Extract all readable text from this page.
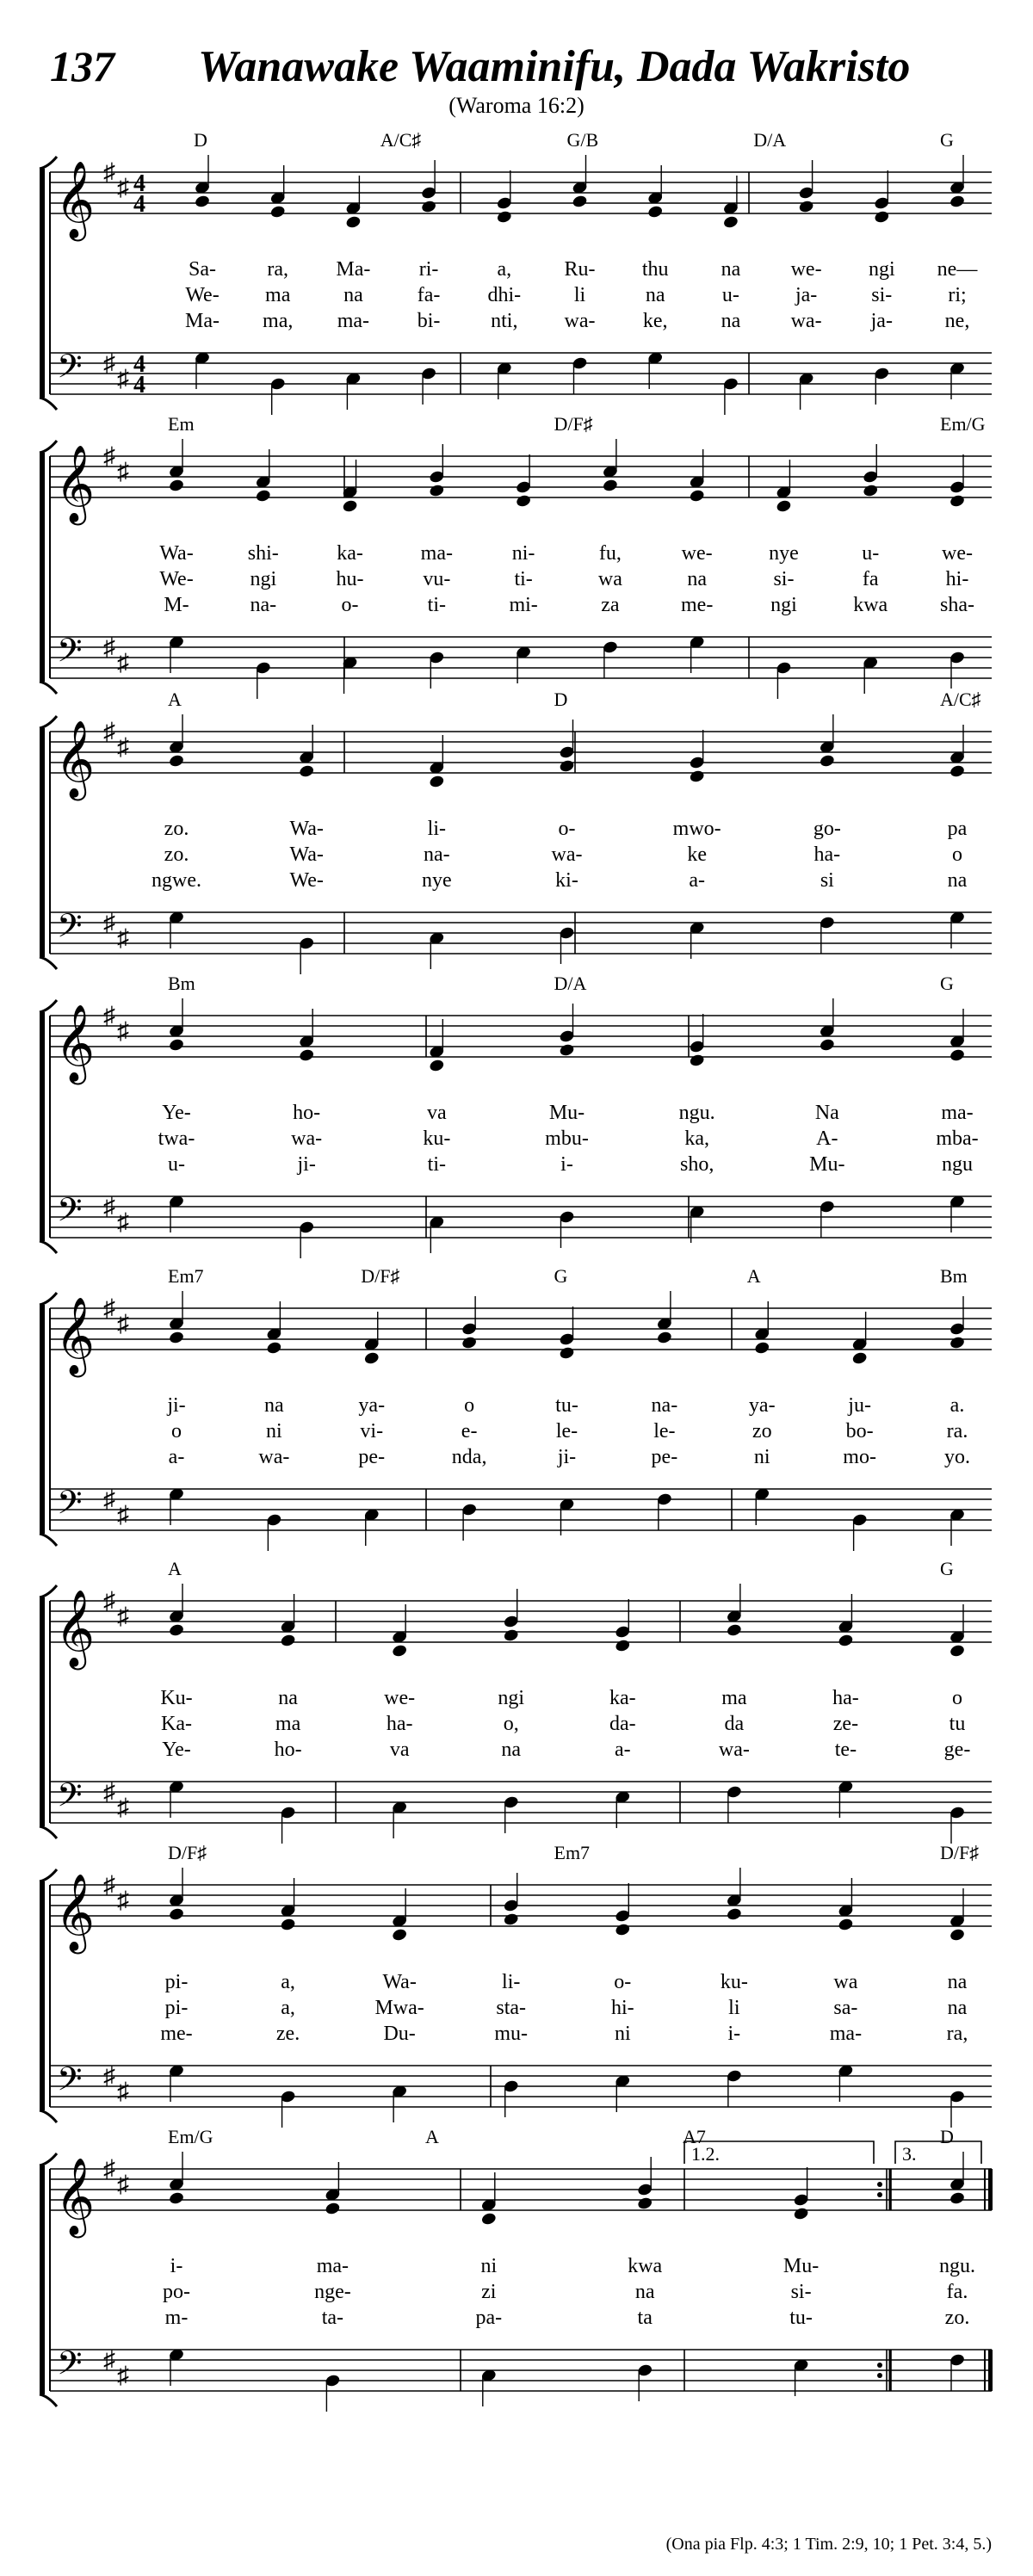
137 Wanawake Waaminifu, Dada Wakristo
(Waroma 16:2)
𝄞
𝄢
♯
♯
♯
♯
4
4
4
4
D	A/C♯	G/B	D/A	G
Sa- ra, Ma- ri-	a,	Ru- thu	na we- ngi ne—
We- ma	na	fa- dhi-	li	na	u-	ja-	si-	ri;
Ma- ma, ma- bi- nti, wa- ke,	na wa- ja-	ne,
𝄞
𝄢
♯
♯
♯
♯
Em	D/F♯	Em/G
Wa-	shi-	ka-	ma-	ni-	fu,	we-	nye	u-	we-
We-	ngi	hu-	vu-	ti-	wa	na	si-	fa	hi-
M-	na-	o-	ti-	mi-	za	me-	ngi	kwa	sha-
𝄞
𝄢
♯
♯
♯
♯
A	D	A/C♯
zo.	Wa-	li-	o-	mwo-	go-	pa
zo.	Wa-	na-	wa-	ke	ha-	o
ngwe.	We-	nye	ki-	a-	si	na
𝄞
𝄢
♯
♯
♯
♯
Bm	D/A	G
Ye-	ho-	va	Mu-	ngu.	Na	ma-
twa-	wa-	ku-	mbu-	ka,	A-	mba-
u-	ji-	ti-	i-	sho,	Mu-	ngu
𝄞
𝄢
♯
♯
♯
♯
Em7	D/F♯	G	A	Bm
ji-	na	ya-	o	tu-	na-	ya-	ju-	a.
o	ni	vi-	e-	le-	le-	zo	bo-	ra.
a-	wa-	pe-	nda,	ji-	pe-	ni	mo-	yo.
𝄞
𝄢
♯
♯
♯
♯
A	G
Ku-	na	we-	ngi	ka-	ma	ha-	o
Ka-	ma	ha-	o,	da-	da	ze-	tu
Ye-	ho-	va	na	a-	wa-	te-	ge-
𝄞
𝄢
♯
♯
♯
♯
D/F♯	Em7	D/F♯
pi-	a,	Wa-	li-	o-	ku-	wa	na
pi-	a,	Mwa-	sta-	hi-	li	sa-	na
me-	ze.	Du-	mu-	ni	i-	ma-	ra,
𝄞
𝄢
♯
♯
♯
♯
1.2.	3.
Em/G	A	A7	D
i-	ma-	ni	kwa	Mu-	ngu.
po-	nge-	zi	na	si-	fa.
m-	ta-	pa-	ta	tu-	zo.
(Ona pia Flp. 4:3; 1 Tim. 2:9, 10; 1 Pet. 3:4, 5.)
